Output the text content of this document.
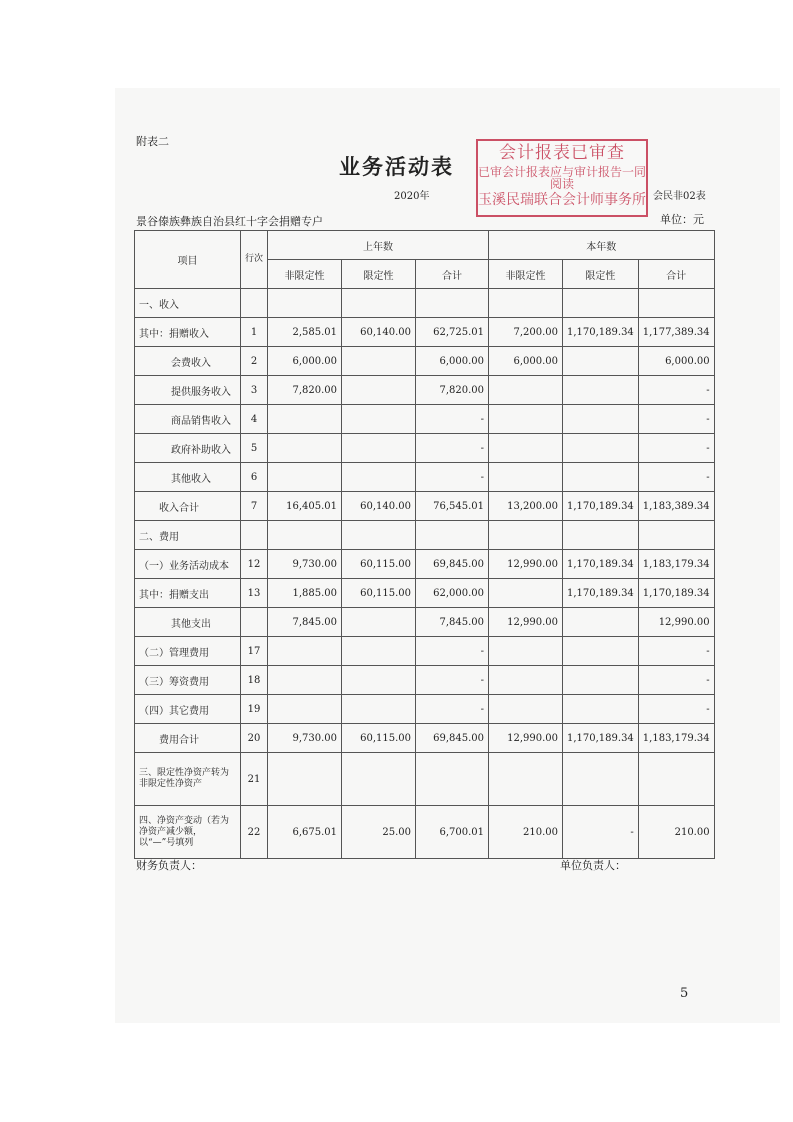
附表二
业务活动表
2020年	会民非02表
景谷傣族彝族自治县红十字会捐赠专户	单位：元
会计报表已审查
已审会计报表应与审计报告一同阅读
玉溪民瑞联合会计师事务所
项目	行次	上年数			本年数		
		非限定性	限定性	合计	非限定性	限定性	合计
一、收入							
其中：捐赠收入	1	2,585.01	60,140.00	62,725.01	7,200.00	1,170,189.34	1,177,389.34
会费收入	2	6,000.00		6,000.00	6,000.00		6,000.00
提供服务收入	3	7,820.00		7,820.00			-
商品销售收入	4			-			-
政府补助收入	5			-			-
其他收入	6			-			-
收入合计	7	16,405.01	60,140.00	76,545.01	13,200.00	1,170,189.34	1,183,389.34
二、费用							
（一）业务活动成本	12	9,730.00	60,115.00	69,845.00	12,990.00	1,170,189.34	1,183,179.34
其中：捐赠支出	13	1,885.00	60,115.00	62,000.00		1,170,189.34	1,170,189.34
其他支出		7,845.00		7,845.00	12,990.00		12,990.00
（二）管理费用	17			-			-
（三）筹资费用	18			-			-
（四）其它费用	19			-			-
费用合计	20	9,730.00	60,115.00	69,845.00	12,990.00	1,170,189.34	1,183,179.34
三、限定性净资产转为非限定性净资产	21						
四、净资产变动（若为净资产减少额，以“—”号填列	22	6,675.01	25.00	6,700.01	210.00	-	210.00
财务负责人：	单位负责人：
5
